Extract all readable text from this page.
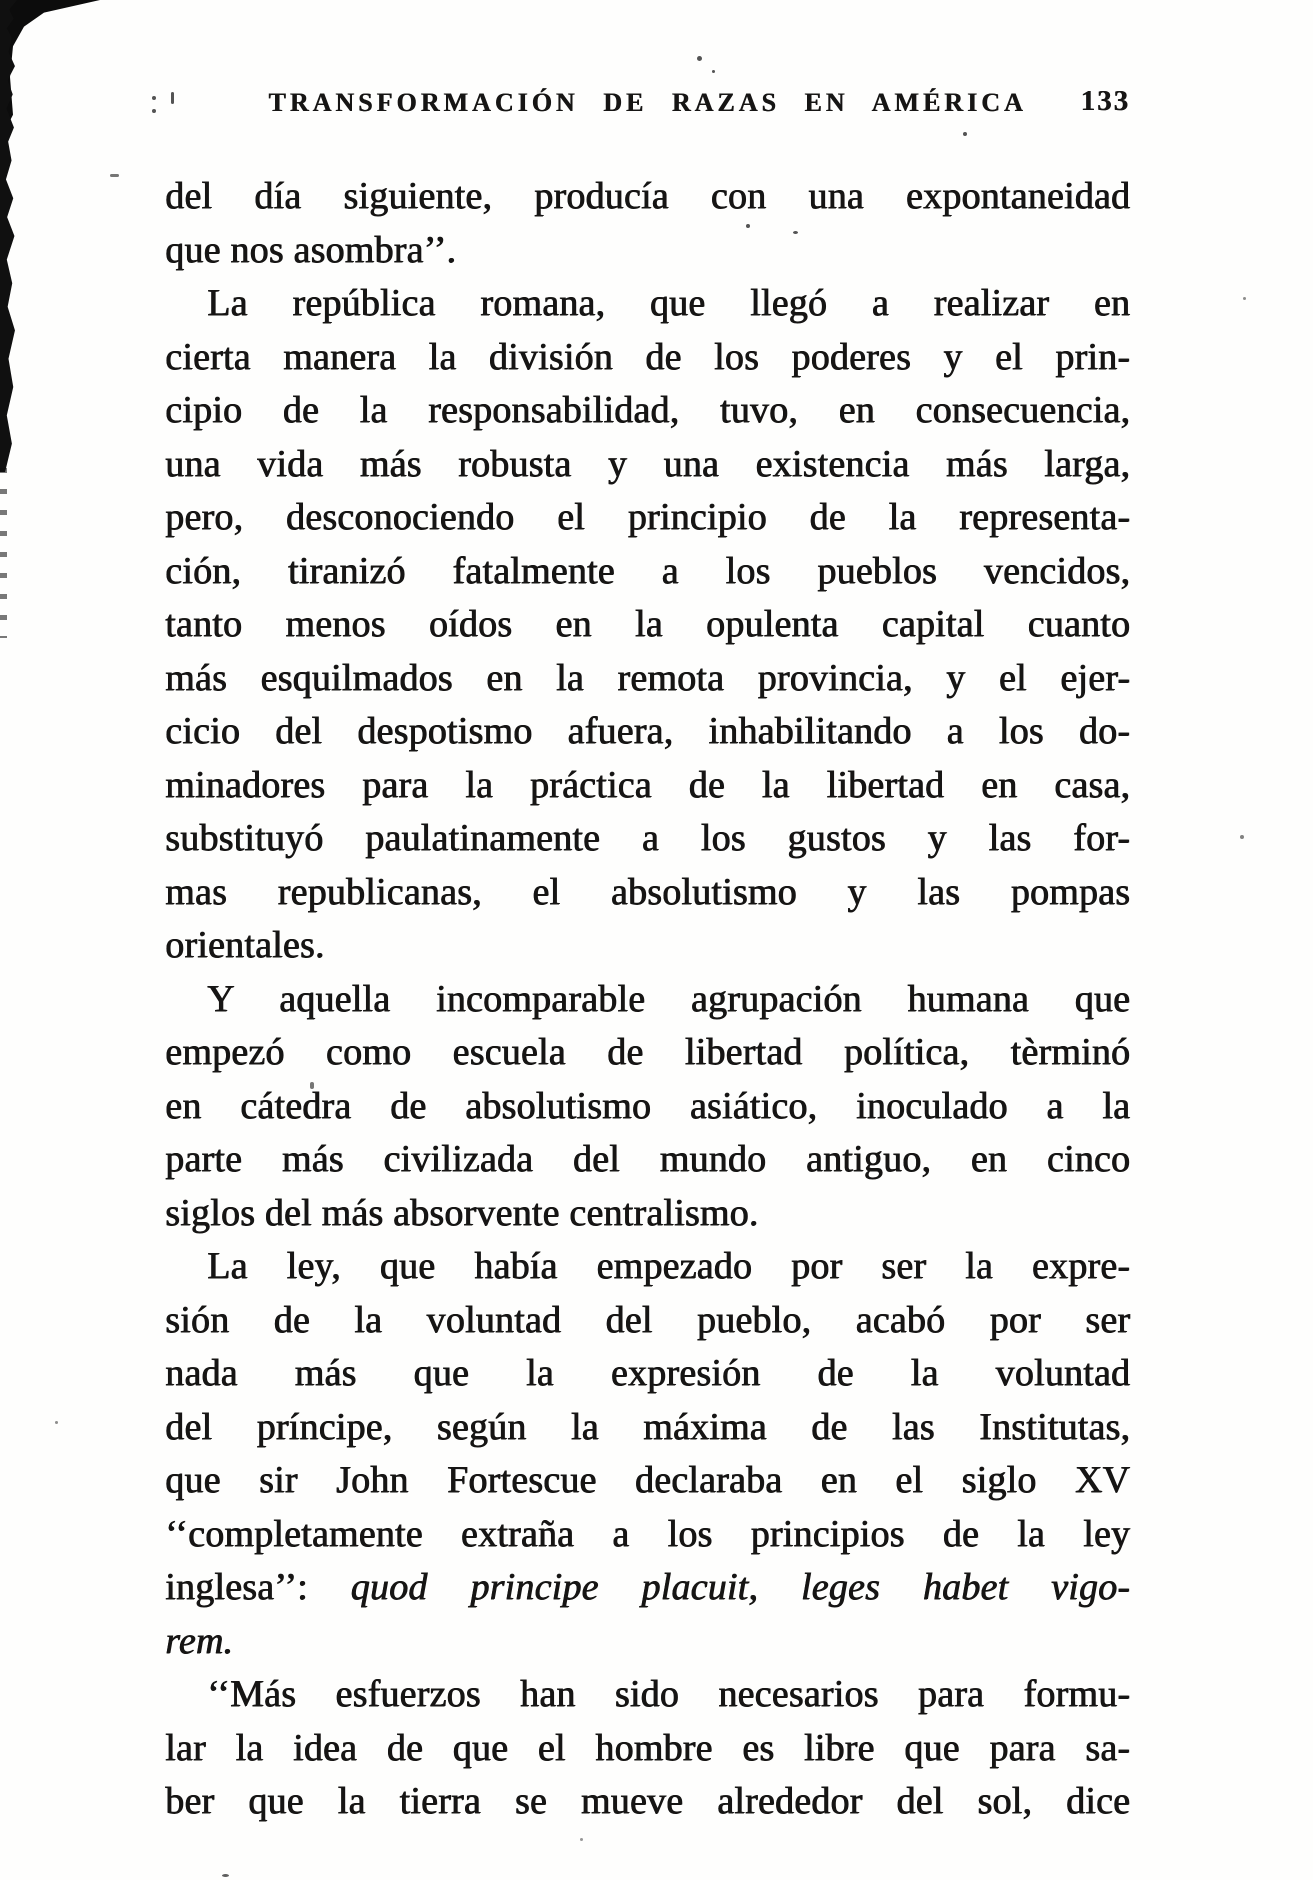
TRANSFORMACIÓN DE RAZAS EN AMÉRICA 133
del día siguiente, producía con una expontaneidad
que nos asombra’’.
La república romana, que llegó a realizar en
cierta manera la división de los poderes y el prin-
cipio de la responsabilidad, tuvo, en consecuencia,
una vida más robusta y una existencia más larga,
pero, desconociendo el principio de la representa-
ción, tiranizó fatalmente a los pueblos vencidos,
tanto menos oídos en la opulenta capital cuanto
más esquilmados en la remota provincia, y el ejer-
cicio del despotismo afuera, inhabilitando a los do-
minadores para la práctica de la libertad en casa,
substituyó paulatinamente a los gustos y las for-
mas republicanas, el absolutismo y las pompas
orientales.
Y aquella incomparable agrupación humana que
empezó como escuela de libertad política, tèrminó
en cátedra de absolutismo asiático, inoculado a la
parte más civilizada del mundo antiguo, en cinco
siglos del más absorvente centralismo.
La ley, que había empezado por ser la expre-
sión de la voluntad del pueblo, acabó por ser
nada más que la expresión de la voluntad
del príncipe, según la máxima de las Institutas,
que sir John Fortescue declaraba en el siglo XV
‘‘completamente extraña a los principios de la ley
inglesa’’: quod principe placuit, leges habet vigo-
rem.
‘‘Más esfuerzos han sido necesarios para formu-
lar la idea de que el hombre es libre que para sa-
ber que la tierra se mueve alrededor del sol, dice
